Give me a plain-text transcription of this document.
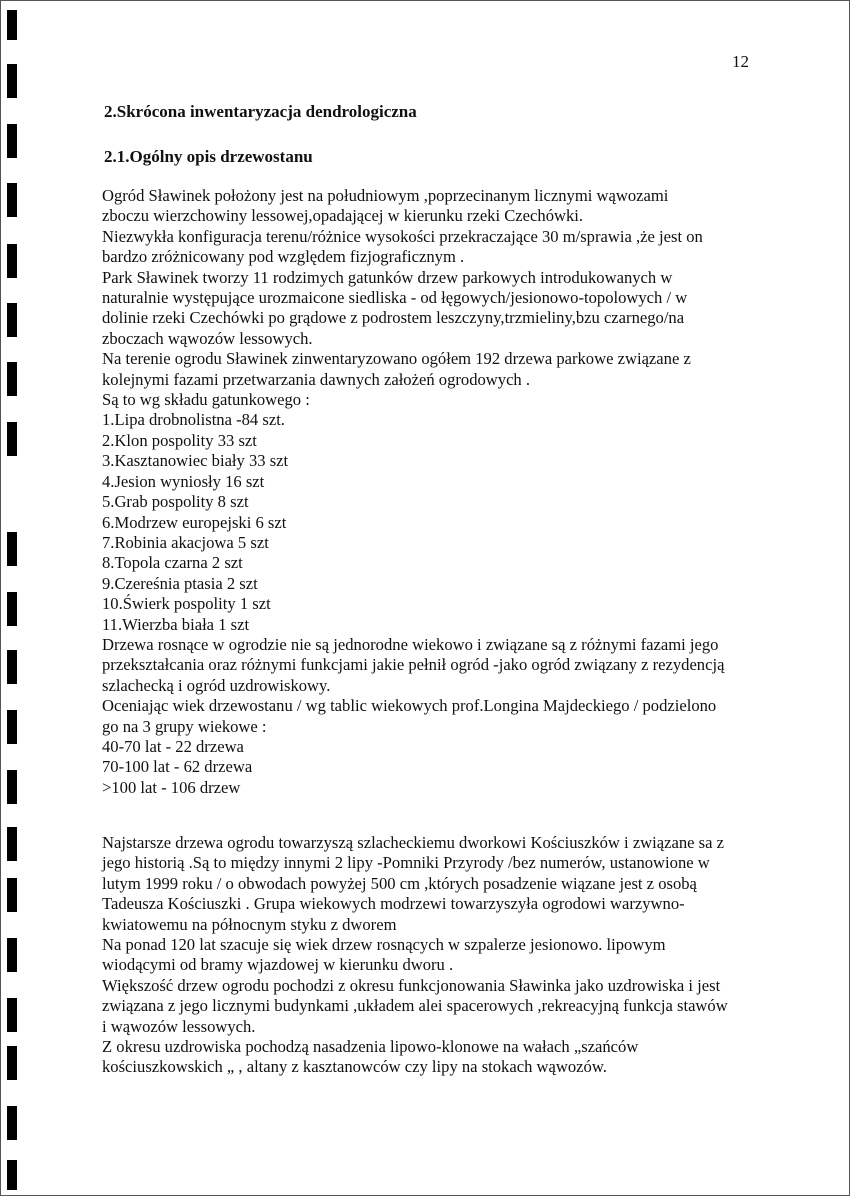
12
2.Skrócona inwentaryzacja dendrologiczna
2.1.Ogólny opis drzewostanu
Ogród Sławinek położony jest na południowym ,poprzecinanym licznymi wąwozami
zboczu wierzchowiny lessowej,opadającej w kierunku rzeki Czechówki.
Niezwykła konfiguracja terenu/różnice wysokości przekraczające 30 m/sprawia ,że jest on
bardzo zróżnicowany pod względem fizjograficznym .
Park Sławinek tworzy 11 rodzimych gatunków drzew parkowych introdukowanych w
naturalnie występujące urozmaicone siedliska - od łęgowych/jesionowo-topolowych / w
dolinie rzeki Czechówki po grądowe z podrostem leszczyny,trzmieliny,bzu czarnego/na
zboczach wąwozów lessowych.
Na terenie ogrodu Sławinek zinwentaryzowano ogółem 192 drzewa parkowe związane z
kolejnymi fazami przetwarzania dawnych założeń ogrodowych .
Są to wg składu gatunkowego :
1.Lipa drobnolistna -84 szt.
2.Klon pospolity 33 szt
3.Kasztanowiec biały 33 szt
4.Jesion wyniosły 16 szt
5.Grab pospolity 8 szt
6.Modrzew europejski 6 szt
7.Robinia akacjowa 5 szt
8.Topola czarna 2 szt
9.Czereśnia ptasia 2 szt
10.Świerk pospolity 1 szt
11.Wierzba biała 1 szt
Drzewa rosnące w ogrodzie nie są jednorodne wiekowo i związane są z różnymi fazami jego
przekształcania oraz różnymi funkcjami jakie pełnił ogród -jako ogród związany z rezydencją
szlachecką i ogród uzdrowiskowy.
Oceniając wiek drzewostanu / wg tablic wiekowych prof.Longina Majdeckiego / podzielono
go na 3 grupy wiekowe :
40-70 lat - 22 drzewa
70-100 lat - 62 drzewa
>100 lat - 106 drzew
Najstarsze drzewa ogrodu towarzyszą szlacheckiemu dworkowi Kościuszków i związane sa z
jego historią .Są to między innymi 2 lipy -Pomniki Przyrody /bez numerów, ustanowione w
lutym 1999 roku / o obwodach powyżej 500 cm ,których posadzenie wiązane jest z osobą
Tadeusza Kościuszki . Grupa wiekowych modrzewi towarzyszyła ogrodowi warzywno-
kwiatowemu na północnym styku z dworem
Na ponad 120 lat szacuje się wiek drzew rosnących w szpalerze jesionowo. lipowym
wiodącymi od bramy wjazdowej w kierunku dworu .
Większość drzew ogrodu pochodzi z okresu funkcjonowania Sławinka jako uzdrowiska i jest
związana z jego licznymi budynkami ,układem alei spacerowych ,rekreacyjną funkcja stawów
i wąwozów lessowych.
Z okresu uzdrowiska pochodzą nasadzenia lipowo-klonowe na wałach „szańców
kościuszkowskich „ , altany z kasztanowców czy lipy na stokach wąwozów.
